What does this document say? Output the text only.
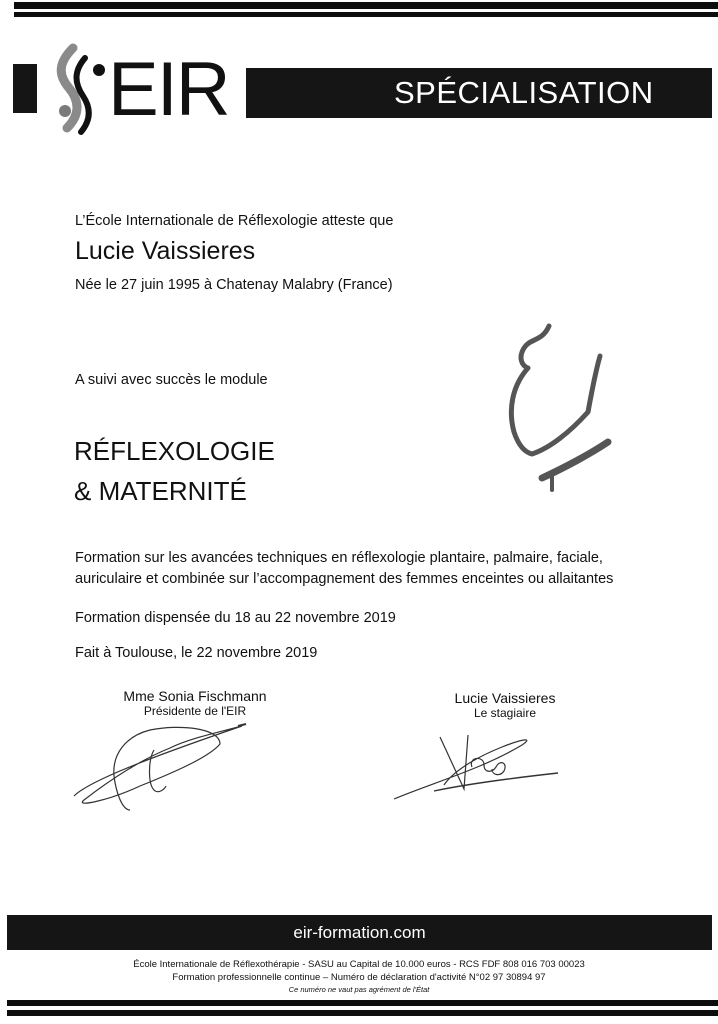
EIR	SPÉCIALISATION
L’École Internationale de Réflexologie atteste que
Lucie Vaissieres
Née le 27 juin 1995 à Chatenay Malabry (France)
A suivi avec succès le module
RÉFLEXOLOGIE
& MATERNITÉ
Formation sur les avancées techniques en réflexologie plantaire, palmaire, faciale,
auriculaire et combinée sur l’accompagnement des femmes enceintes ou allaitantes
Formation dispensée du 18 au 22 novembre 2019
Fait à Toulouse, le 22 novembre 2019
Mme Sonia Fischmann
Présidente de l'EIR
Lucie Vaissieres
Le stagiaire
eir-formation.com
École Internationale de Réflexothérapie - SASU au Capital de 10.000 euros - RCS FDF 808 016 703 00023
Formation professionnelle continue – Numéro de déclaration d'activité N°02 97 30894 97
Ce numéro ne vaut pas agrément de l'État
